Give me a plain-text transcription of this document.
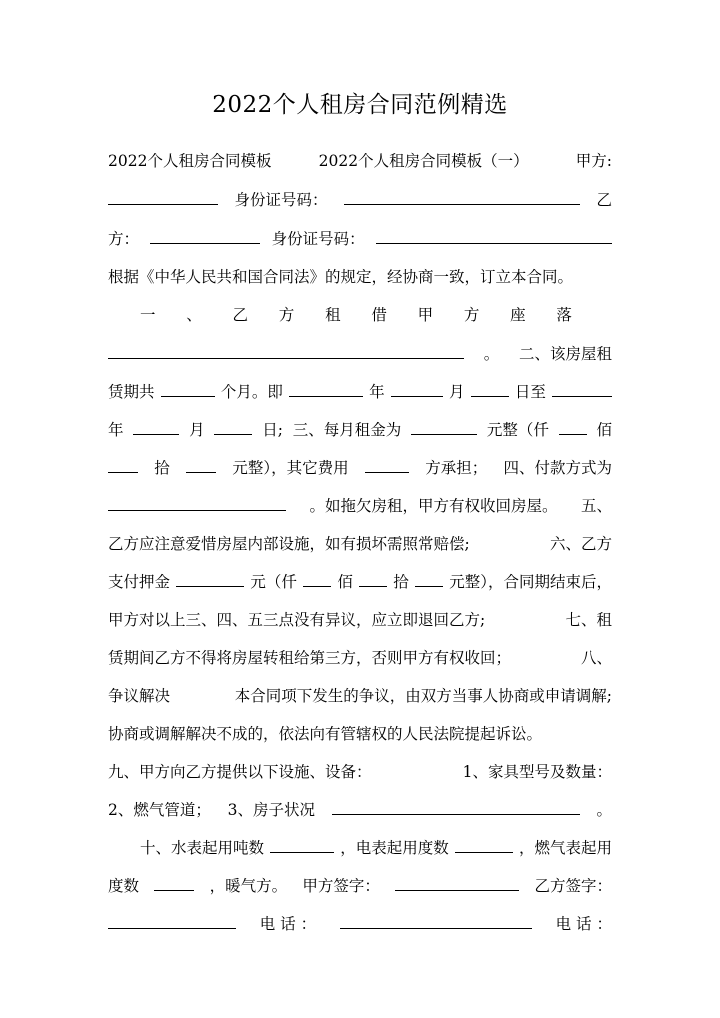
2022个人租房合同范例精选
2022个人租房合同模板	2022个人租房合同模板（一）	甲方:
身份证号码：	乙
方：	身份证号码：
根据《中华人民共和国合同法》的规定，经协商一致，订立本合同。
一 、 乙 方 租 借 甲 方 座 落
。 二、该房屋租
赁期共	个月。即	年	月	日至
年	月	日; 三、每月租金为	元整（仟	佰
拾	元整），其它费用	方承担； 四、付款方式为
。如拖欠房租，甲方有权收回房屋。 五、
乙方应注意爱惜房屋内部设施，如有损坏需照常赔偿;	六、乙方
支付押金	元（仟	佰	拾	元整），合同期结束后，
甲方对以上三、四、五三点没有异议，应立即退回乙方;	七、租
赁期间乙方不得将房屋转租给第三方，否则甲方有权收回；	八、
争议解决	本合同项下发生的争议，由双方当事人协商或申请调解;
协商或调解解决不成的，依法向有管辖权的人民法院提起诉讼。
九、甲方向乙方提供以下设施、设备：	1、家具型号及数量：
2、燃气管道； 3、房子状况	。
十、水表起用吨数	，电表起用度数	，燃气表起用
度数	，暖气方。 甲方签字：	乙方签字：
电 话 ：	电 话 ：
